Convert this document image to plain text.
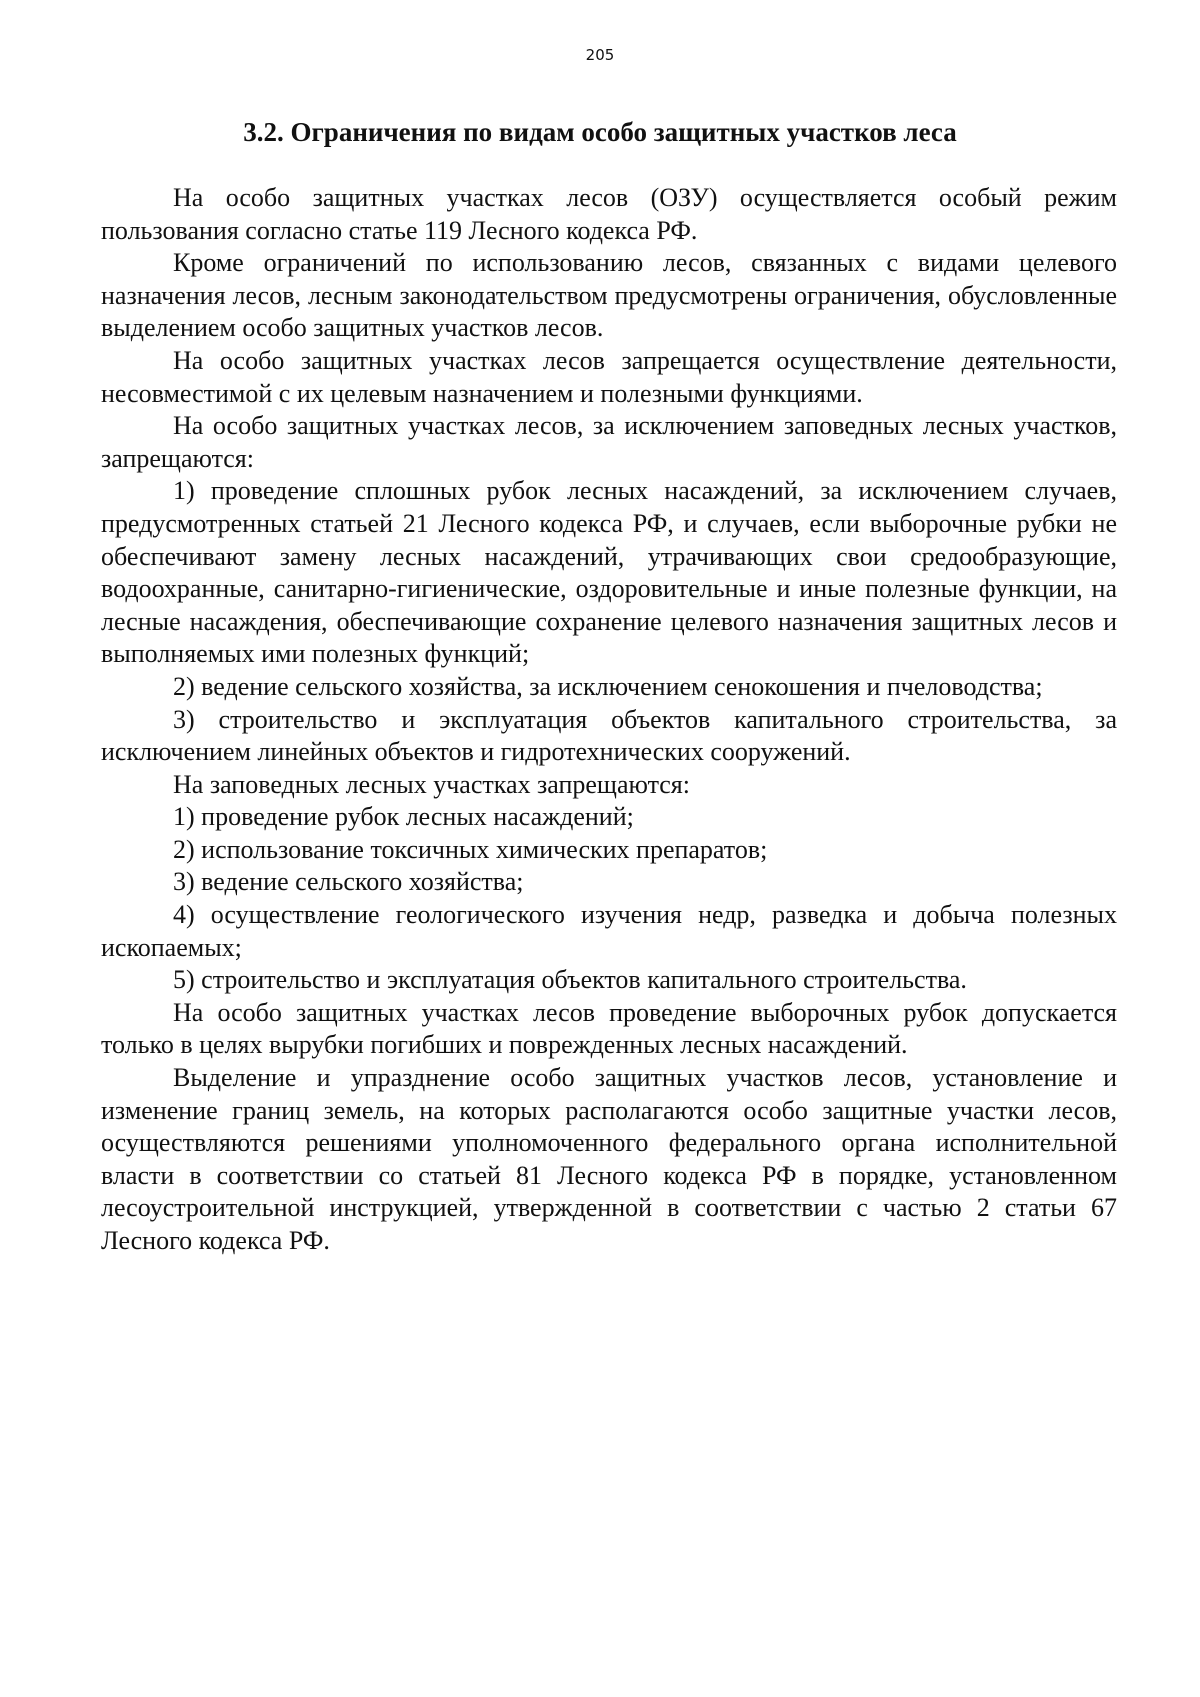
205
3.2. Ограничения по видам особо защитных участков леса

На особо защитных участках лесов (ОЗУ) осуществляется особый режим пользования согласно статье 119 Лесного кодекса РФ.

Кроме ограничений по использованию лесов, связанных с видами целевого назначения лесов, лесным законодательством предусмотрены ограничения, обусловленные выделением особо защитных участков лесов.

На особо защитных участках лесов запрещается осуществление деятельности, несовместимой с их целевым назначением и полезными функциями.

На особо защитных участках лесов, за исключением заповедных лесных участков, запрещаются:

1) проведение сплошных рубок лесных насаждений, за исключением случаев, предусмотренных статьей 21 Лесного кодекса РФ, и случаев, если выборочные рубки не обеспечивают замену лесных насаждений, утрачивающих свои средообразующие, водоохранные, санитарно-гигиенические, оздоровительные и иные полезные функции, на лесные насаждения, обеспечивающие сохранение целевого назначения защитных лесов и выполняемых ими полезных функций;

2) ведение сельского хозяйства, за исключением сенокошения и пчеловодства;

3) строительство и эксплуатация объектов капитального строительства, за исключением линейных объектов и гидротехнических сооружений.

На заповедных лесных участках запрещаются:

1) проведение рубок лесных насаждений;

2) использование токсичных химических препаратов;

3) ведение сельского хозяйства;

4) осуществление геологического изучения недр, разведка и добыча полезных ископаемых;

5) строительство и эксплуатация объектов капитального строительства.

На особо защитных участках лесов проведение выборочных рубок допускается только в целях вырубки погибших и поврежденных лесных насаждений.

Выделение и упразднение особо защитных участков лесов, установление и изменение границ земель, на которых располагаются особо защитные участки лесов, осуществляются решениями уполномоченного федерального органа исполнительной власти в соответствии со статьей 81 Лесного кодекса РФ в порядке, установленном лесоустроительной инструкцией, утвержденной в соответствии с частью 2 статьи 67 Лесного кодекса РФ.
